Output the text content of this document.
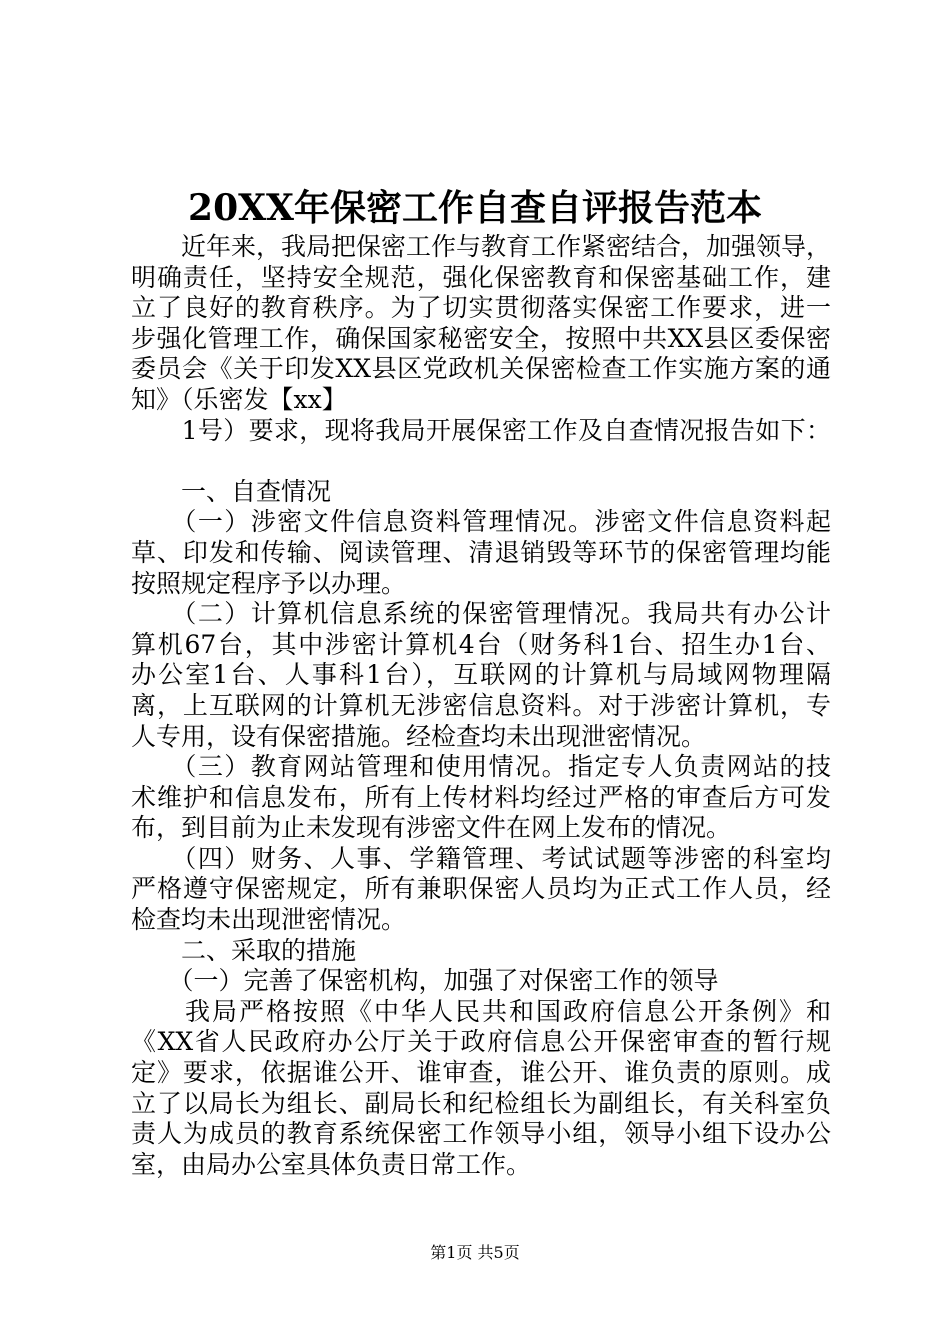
20XX年保密工作自查自评报告范本
　　近年来，我局把保密工作与教育工作紧密结合，加强领导，
明确责任，坚持安全规范，强化保密教育和保密基础工作，建
立了良好的教育秩序。为了切实贯彻落实保密工作要求，进一
步强化管理工作，确保国家秘密安全，按照中共XX县区委保密
委员会《关于印发XX县区党政机关保密检查工作实施方案的通
知》（乐密发【xx】
　　1号）要求，现将我局开展保密工作及自查情况报告如下：
　　一、自查情况
　　（一）涉密文件信息资料管理情况。涉密文件信息资料起
草、印发和传输、阅读管理、清退销毁等环节的保密管理均能
按照规定程序予以办理。
　　（二）计算机信息系统的保密管理情况。我局共有办公计
算机67台，其中涉密计算机4台（财务科1台、招生办1台、
办公室1台、人事科1台），互联网的计算机与局域网物理隔
离，上互联网的计算机无涉密信息资料。对于涉密计算机，专
人专用，设有保密措施。经检查均未出现泄密情况。
　　（三）教育网站管理和使用情况。指定专人负责网站的技
术维护和信息发布，所有上传材料均经过严格的审查后方可发
布，到目前为止未发现有涉密文件在网上发布的情况。
　　（四）财务、人事、学籍管理、考试试题等涉密的科室均
严格遵守保密规定，所有兼职保密人员均为正式工作人员，经
检查均未出现泄密情况。
　　二、采取的措施
　　（一）完善了保密机构，加强了对保密工作的领导
　　我局严格按照《中华人民共和国政府信息公开条例》和
《XX省人民政府办公厅关于政府信息公开保密审查的暂行规
定》要求，依据谁公开、谁审查，谁公开、谁负责的原则。成
立了以局长为组长、副局长和纪检组长为副组长，有关科室负
责人为成员的教育系统保密工作领导小组，领导小组下设办公
室，由局办公室具体负责日常工作。
第1页 共5页
